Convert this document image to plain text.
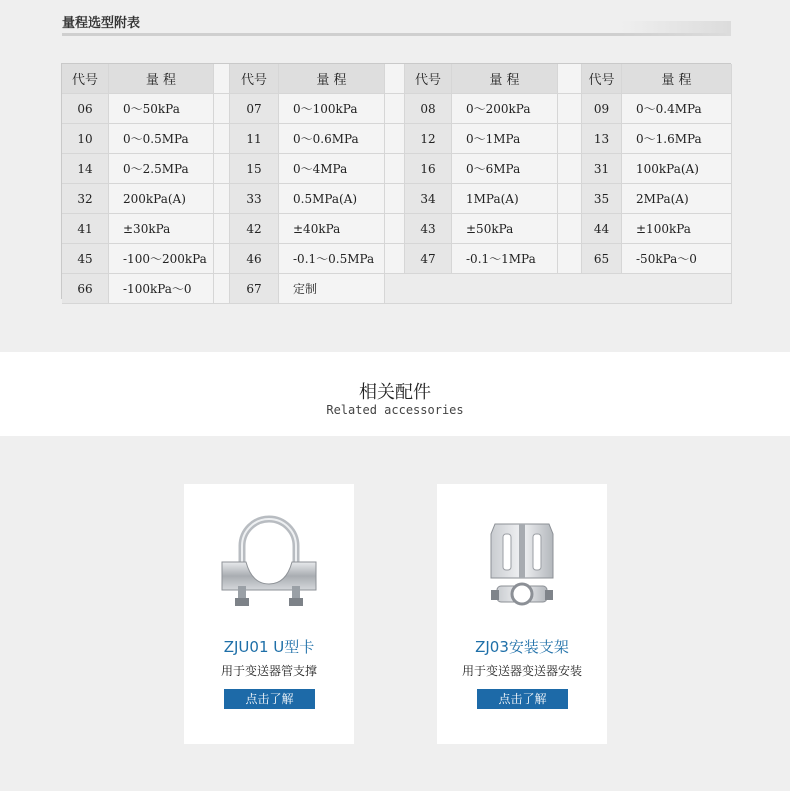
量程选型附表
代号	量 程	代号	量 程	代号	量 程	代号	量 程
06	0～50kPa	07	0～100kPa	08	0～200kPa	09	0～0.4MPa
10	0～0.5MPa	11	0～0.6MPa	12	0～1MPa	13	0～1.6MPa
14	0～2.5MPa	15	0～4MPa	16	0～6MPa	31	100kPa(A)
32	200kPa(A)	33	0.5MPa(A)	34	1MPa(A)	35	2MPa(A)
41	±30kPa	42	±40kPa	43	±50kPa	44	±100kPa
45	-100～200kPa	46	-0.1～0.5MPa	47	-0.1～1MPa	65	-50kPa～0
66	-100kPa～0	67	定制
相关配件
Related accessories
ZJU01 U型卡
用于变送器管支撑
点击了解
ZJ03安装支架
用于变送器变送器安装
点击了解
